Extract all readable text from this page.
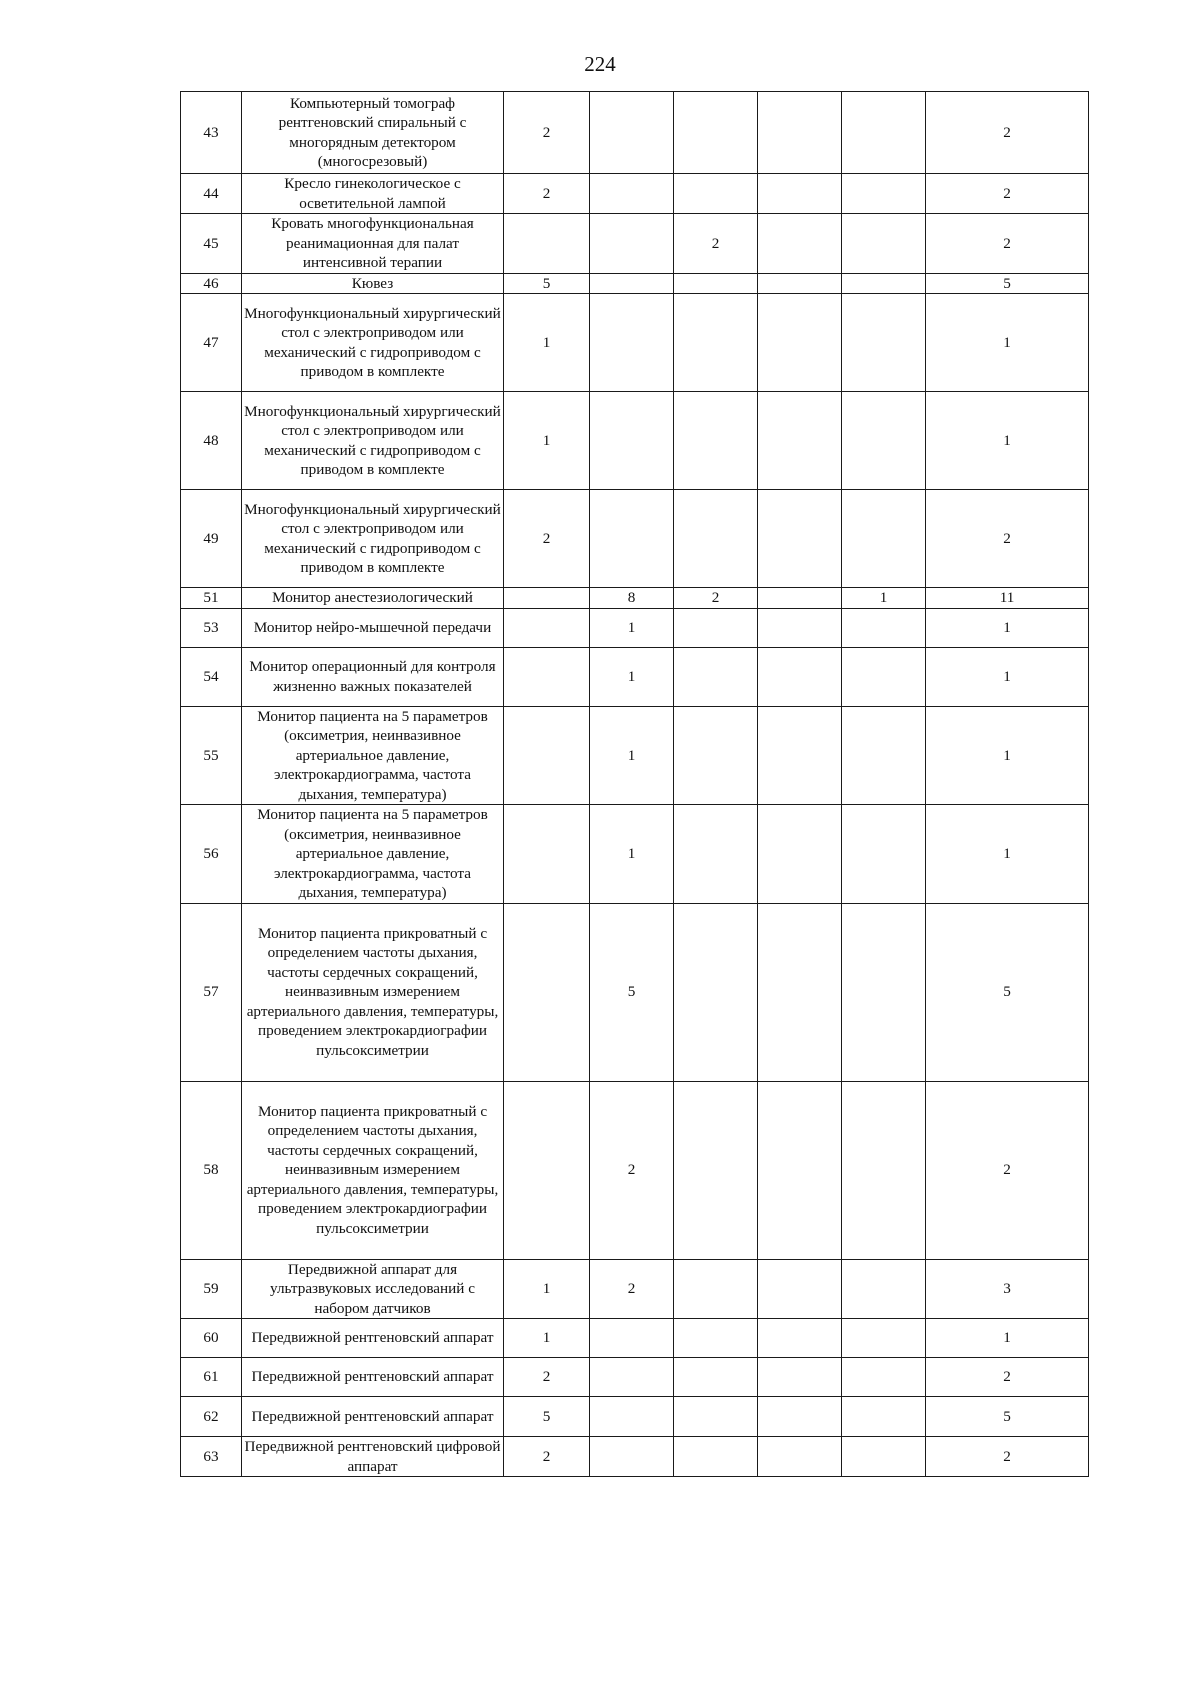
224
43	Компьютерный томограф рентгеновский спиральный с многорядным детектором (многосрезовый)	2					2
44	Кресло гинекологическое с осветительной лампой	2					2
45	Кровать многофункциональная реанимационная для палат интенсивной терапии			2			2
46	Кювез	5					5
47	Многофункциональный хирургический стол с электроприводом или механический с гидроприводом с приводом в комплекте	1					1
48	Многофункциональный хирургический стол с электроприводом или механический с гидроприводом с приводом в комплекте	1					1
49	Многофункциональный хирургический стол с электроприводом или механический с гидроприводом с приводом в комплекте	2					2
51	Монитор анестезиологический		8	2		1	11
53	Монитор нейро-мышечной передачи		1				1
54	Монитор операционный для контроля жизненно важных показателей		1				1
55	Монитор пациента на 5 параметров (оксиметрия, неинвазивное артериальное давление, электрокардиограмма, частота дыхания, температура)		1				1
56	Монитор пациента на 5 параметров (оксиметрия, неинвазивное артериальное давление, электрокардиограмма, частота дыхания, температура)		1				1
57	Монитор пациента прикроватный с определением частоты дыхания, частоты сердечных сокращений, неинвазивным измерением артериального давления, температуры, проведением электрокардиографии пульсоксиметрии		5				5
58	Монитор пациента прикроватный с определением частоты дыхания, частоты сердечных сокращений, неинвазивным измерением артериального давления, температуры, проведением электрокардиографии пульсоксиметрии		2				2
59	Передвижной аппарат для ультразвуковых исследований с набором датчиков	1	2				3
60	Передвижной рентгеновский аппарат	1					1
61	Передвижной рентгеновский аппарат	2					2
62	Передвижной рентгеновский аппарат	5					5
63	Передвижной рентгеновский цифровой аппарат	2					2
